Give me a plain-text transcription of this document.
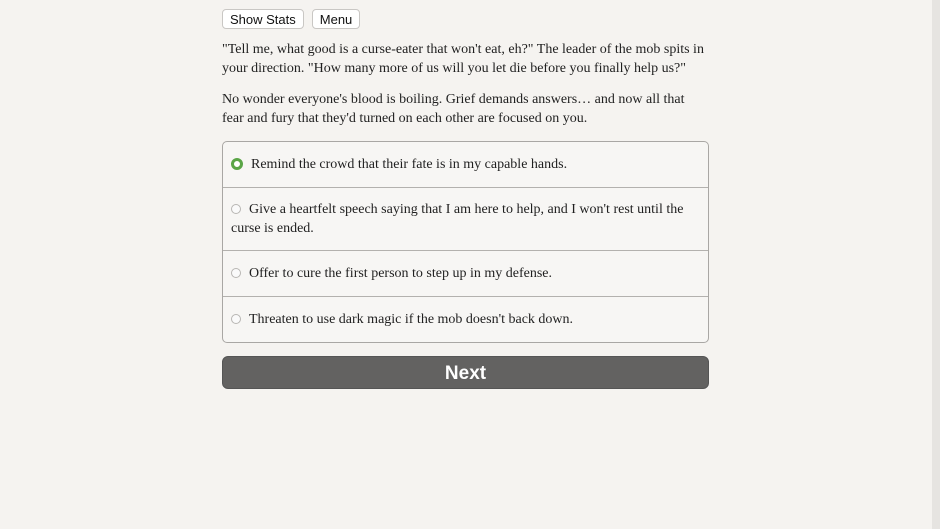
Show Stats	Menu

"Tell me, what good is a curse-eater that won't eat, eh?" The leader of the mob spits in your direction. "How many more of us will you let die before you finally help us?"

No wonder everyone's blood is boiling. Grief demands answers… and now all that fear and fury that they'd turned on each other are focused on you.

Remind the crowd that their fate is in my capable hands.
Give a heartfelt speech saying that I am here to help, and I won't rest until the curse is ended.
Offer to cure the first person to step up in my defense.
Threaten to use dark magic if the mob doesn't back down.
Next
